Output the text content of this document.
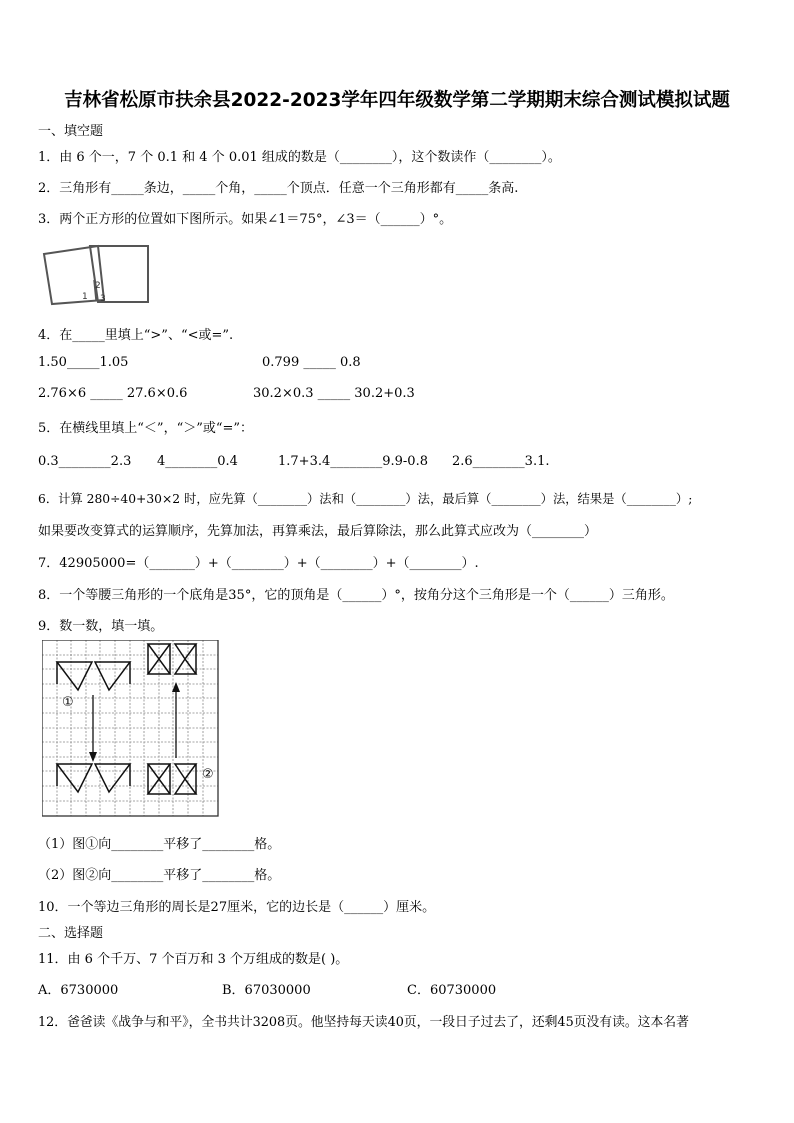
吉林省松原市扶余县2022-2023学年四年级数学第二学期期末综合测试模拟试题
一、填空题
1．由 6 个一，7 个 0.1 和 4 个 0.01 组成的数是（________），这个数读作（________）。
2．三角形有_____条边，_____个角，_____个顶点．任意一个三角形都有_____条高.
3．两个正方形的位置如下图所示。如果∠1＝75°，∠3＝（______）°。
1
2
3
4．在_____里填上“>”、“<或=”.
1.50_____1.05	0.799 _____ 0.8
2.76×6 _____ 27.6×0.6	30.2×0.3 _____ 30.2+0.3
5．在横线里填上“＜”，“＞”或“=”：
0.3________2.3 4________0.4	1.7+3.4________9.9-0.8 2.6________3.1.
6．计算 280÷40+30×2 时，应先算（________）法和（________）法，最后算（________）法，结果是（________）;
如果要改变算式的运算顺序，先算加法，再算乘法，最后算除法，那么此算式应改为（________）
7．42905000=（_______）+（________）+（________）+（________）.
8．一个等腰三角形的一个底角是35°，它的顶角是（______）°，按角分这个三角形是一个（______）三角形。
9．数一数，填一填。
①
②
（1）图①向________平移了________格。
（2）图②向________平移了________格。
10．一个等边三角形的周长是27厘米，它的边长是（______）厘米。
二、选择题
11．由 6 个千万、7 个百万和 3 个万组成的数是( )。
A．6730000	B．67030000	C．60730000
12．爸爸读《战争与和平》，全书共计3208页。他坚持每天读40页，一段日子过去了，还剩45页没有读。这本名著
